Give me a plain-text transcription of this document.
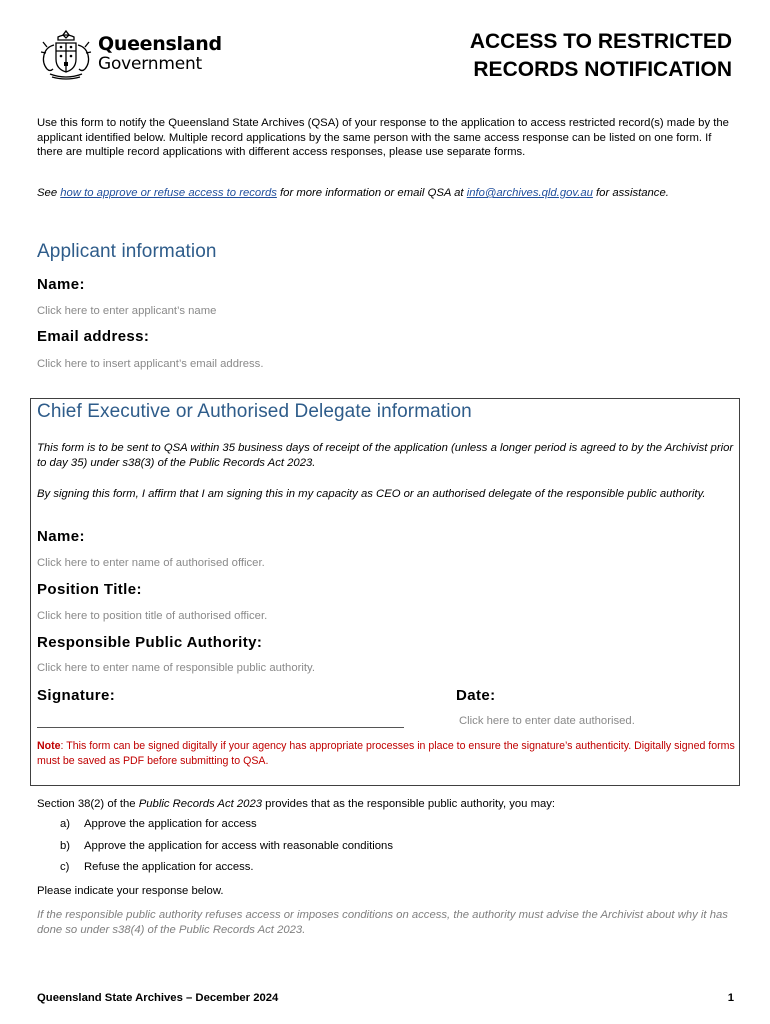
Queensland
Government
ACCESS TO RESTRICTED
RECORDS NOTIFICATION
Use this form to notify the Queensland State Archives (QSA) of your response to the application to access restricted record(s) made by the applicant identified below. Multiple record applications by the same person with the same access response can be listed on one form. If there are multiple record applications with different access responses, please use separate forms.
See how to approve or refuse access to records for more information or email QSA at info@archives.qld.gov.au for assistance.
Applicant information
Name:
Click here to enter applicant’s name
Email address:
Click here to insert applicant’s email address.
Chief Executive or Authorised Delegate information
This form is to be sent to QSA within 35 business days of receipt of the application (unless a longer period is agreed to by the Archivist prior to day 35) under s38(3) of the Public Records Act 2023.
By signing this form, I affirm that I am signing this in my capacity as CEO or an authorised delegate of the responsible public authority.
Name:
Click here to enter name of authorised officer.
Position Title:
Click here to position title of authorised officer.
Responsible Public Authority:
Click here to enter name of responsible public authority.
Signature:	Date:
Click here to enter date authorised.
Note: This form can be signed digitally if your agency has appropriate processes in place to ensure the signature’s authenticity. Digitally signed forms must be saved as PDF before submitting to QSA.
Section 38(2) of the Public Records Act 2023 provides that as the responsible public authority, you may:
a) Approve the application for access
b) Approve the application for access with reasonable conditions
c) Refuse the application for access.
Please indicate your response below.
If the responsible public authority refuses access or imposes conditions on access, the authority must advise the Archivist about why it has done so under s38(4) of the Public Records Act 2023.
Queensland State Archives – December 2024	1
